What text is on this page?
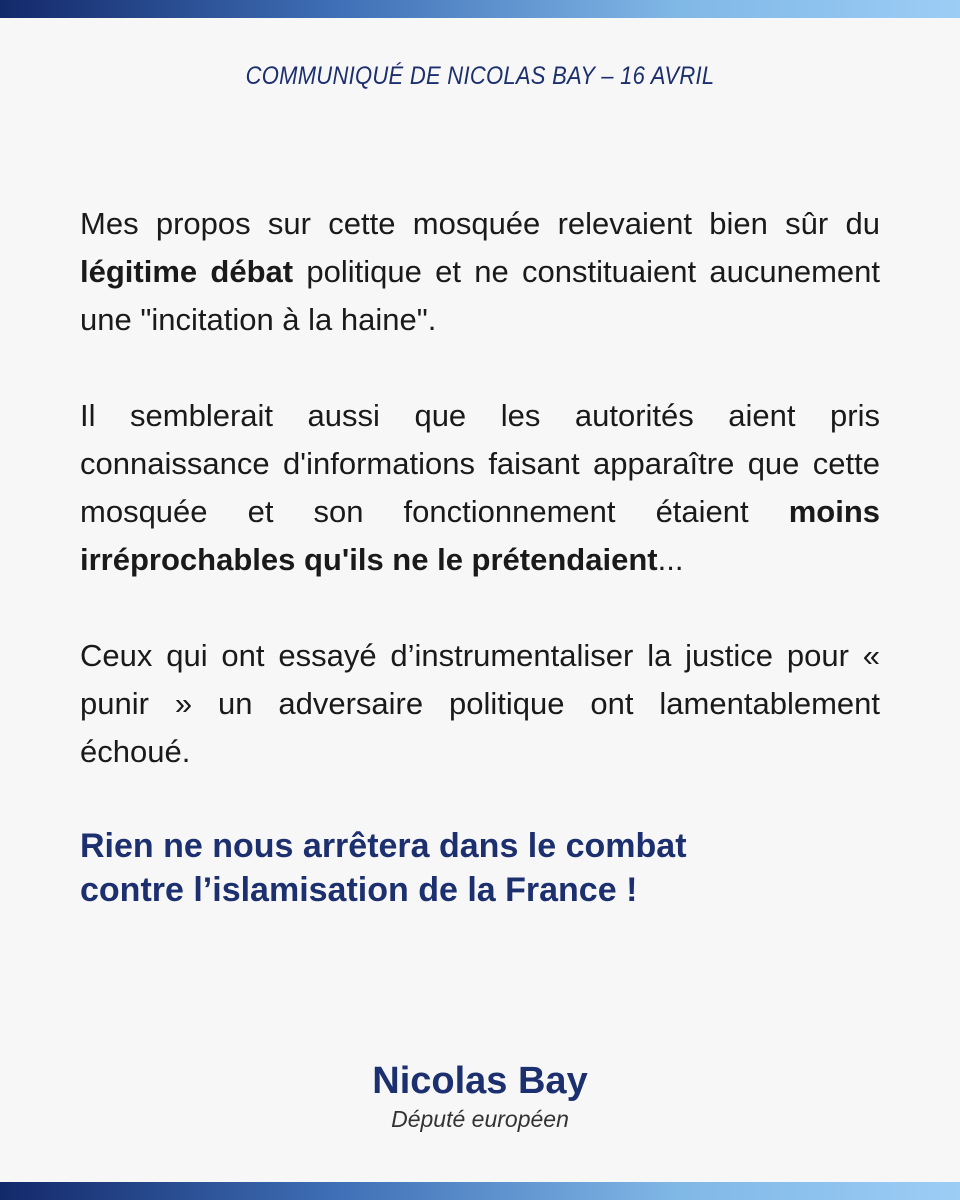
COMMUNIQUÉ DE NICOLAS BAY – 16 AVRIL

Mes propos sur cette mosquée relevaient bien sûr du légitime débat politique et ne constituaient aucunement une "incitation à la haine".

Il semblerait aussi que les autorités aient pris connaissance d'informations faisant apparaître que cette mosquée et son fonctionnement étaient moins irréprochables qu'ils ne le prétendaient...

Ceux qui ont essayé d’instrumentaliser la justice pour « punir » un adversaire politique ont lamentablement échoué.

Rien ne nous arrêtera dans le combat
contre l’islamisation de la France !
Nicolas Bay
Député européen
